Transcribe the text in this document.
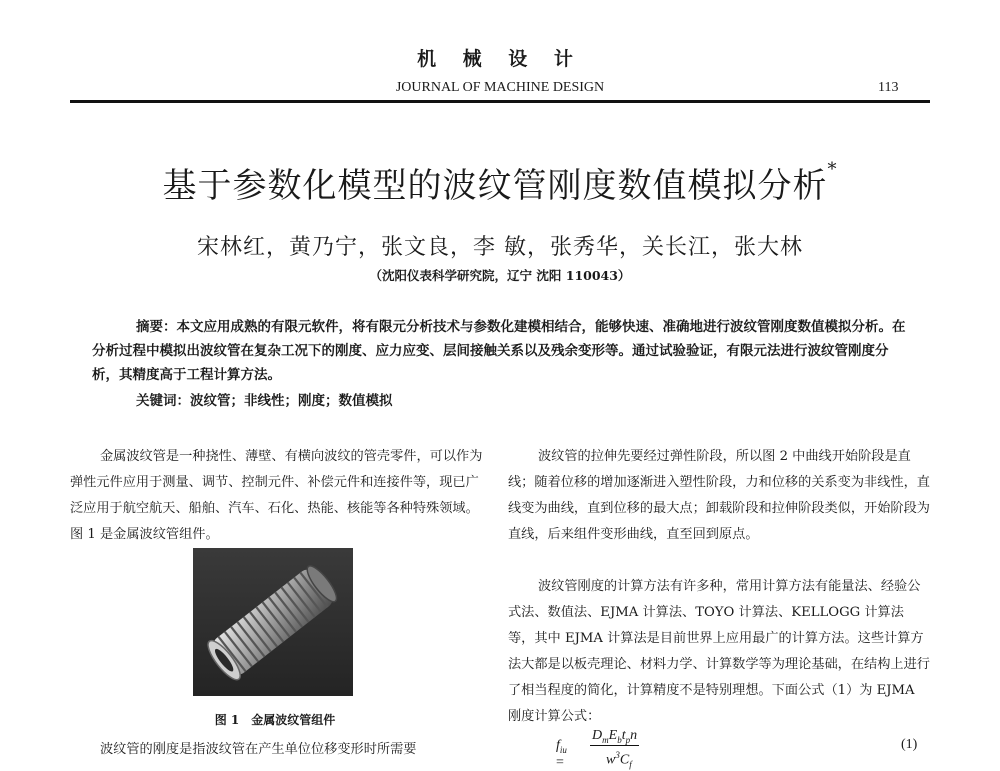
机 械 设 计
JOURNAL OF MACHINE DESIGN	113
基于参数化模型的波纹管刚度数值模拟分析*
宋林红，黄乃宁，张文良，李 敏，张秀华，关长江，张大林
（沈阳仪表科学研究院，辽宁 沈阳 110043）
摘要：本文应用成熟的有限元软件，将有限元分析技术与参数化建模相结合，能够快速、准确地进行波纹管刚度数值模拟分析。在分析过程中模拟出波纹管在复杂工况下的刚度、应力应变、层间接触关系以及残余变形等。通过试验验证，有限元法进行波纹管刚度分析，其精度高于工程计算方法。
关键词：波纹管；非线性；刚度；数值模拟
金属波纹管是一种挠性、薄壁、有横向波纹的管壳零件，可以作为弹性元件应用于测量、调节、控制元件、补偿元件和连接件等，现已广泛应用于航空航天、船舶、汽车、石化、热能、核能等各种特殊领域。图 1 是金属波纹管组件。
图 1　金属波纹管组件
波纹管的刚度是指波纹管在产生单位位移变形时所需要
波纹管的拉伸先要经过弹性阶段，所以图 2 中曲线开始阶段是直线；随着位移的增加逐渐进入塑性阶段，力和位移的关系变为非线性，直线变为曲线，直到位移的最大点；卸载阶段和拉伸阶段类似，开始阶段为直线，后来组件变形曲线，直至回到原点。
波纹管刚度的计算方法有许多种，常用计算方法有能量法、经验公式法、数值法、EJMA 计算法、TOYO 计算法、KELLOGG 计算法等，其中 EJMA 计算法是目前世界上应用最广的计算方法。这些计算方法大都是以板壳理论、材料力学、计算数学等为理论基础，在结构上进行了相当程度的简化，计算精度不是特别理想。下面公式（1）为 EJMA 刚度计算公式：
$f_{iu}$ =
$D_mE_bt_pn$
$w^3C_f$
(1)
